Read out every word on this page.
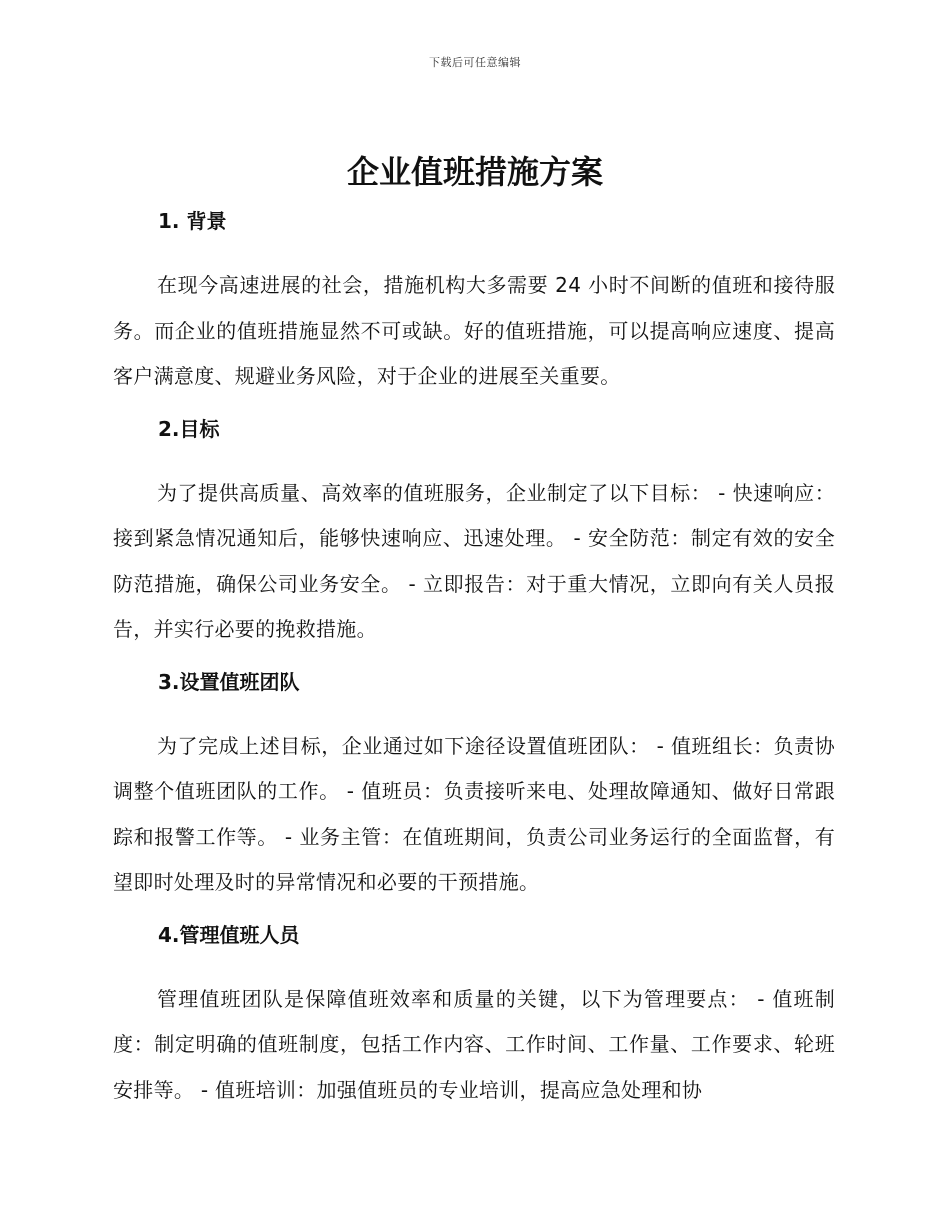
下载后可任意编辑
企业值班措施方案
1. 背景

在现今高速进展的社会，措施机构大多需要 24 小时不间断的值班和接待服务。而企业的值班措施显然不可或缺。好的值班措施，可以提高响应速度、提高客户满意度、规避业务风险，对于企业的进展至关重要。

2.目标

为了提供高质量、高效率的值班服务，企业制定了以下目标： - 快速响应：接到紧急情况通知后，能够快速响应、迅速处理。 - 安全防范：制定有效的安全防范措施，确保公司业务安全。 - 立即报告：对于重大情况，立即向有关人员报告，并实行必要的挽救措施。

3.设置值班团队

为了完成上述目标，企业通过如下途径设置值班团队： - 值班组长：负责协调整个值班团队的工作。 - 值班员：负责接听来电、处理故障通知、做好日常跟踪和报警工作等。 - 业务主管：在值班期间，负责公司业务运行的全面监督，有望即时处理及时的异常情况和必要的干预措施。

4.管理值班人员

管理值班团队是保障值班效率和质量的关键，以下为管理要点： - 值班制度：制定明确的值班制度，包括工作内容、工作时间、工作量、工作要求、轮班安排等。 - 值班培训：加强值班员的专业培训，提高应急处理和协
